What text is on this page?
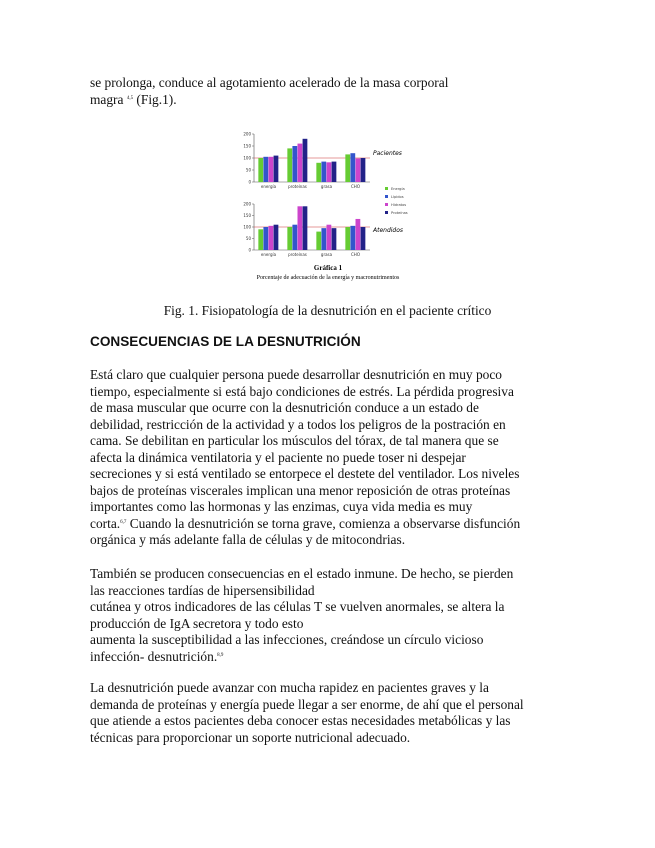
se prolonga, conduce al agotamiento acelerado de la masa corporal
magra $^{4,5}$ (Fig.1).
0
50
100
150
200
energía	proteínas	grasa	CHO
0
50
100
150
200
energía	proteínas	grasa	CHO
Pacientes
Atendidos
Energía
Lípidos
Hidratos
Proteínas
Gráfica 1
Porcentaje de adecuación de la energía y macronutrimentos

Fig. 1. Fisiopatología de la desnutrición en el paciente crítico

CONSECUENCIAS DE LA DESNUTRICIÓN
Está claro que cualquier persona puede desarrollar desnutrición en muy poco
tiempo, especialmente si está bajo condiciones de estrés. La pérdida progresiva
de masa muscular que ocurre con la desnutrición conduce a un estado de
debilidad, restricción de la actividad y a todos los peligros de la postración en
cama. Se debilitan en particular los músculos del tórax, de tal manera que se
afecta la dinámica ventilatoria y el paciente no puede toser ni despejar
secreciones y si está ventilado se entorpece el destete del ventilador. Los niveles
bajos de proteínas viscerales implican una menor reposición de otras proteínas
importantes como las hormonas y las enzimas, cuya vida media es muy
corta.$^{6,7}$ Cuando la desnutrición se torna grave, comienza a observarse disfunción
orgánica y más adelante falla de células y de mitocondrias.
También se producen consecuencias en el estado inmune. De hecho, se pierden
las reacciones tardías de hipersensibilidad
cutánea y otros indicadores de las células T se vuelven anormales, se altera la
producción de IgA secretora y todo esto
aumenta la susceptibilidad a las infecciones, creándose un círculo vicioso
infección- desnutrición.$^{8,9}$
La desnutrición puede avanzar con mucha rapidez en pacientes graves y la
demanda de proteínas y energía puede llegar a ser enorme, de ahí que el personal
que atiende a estos pacientes deba conocer estas necesidades metabólicas y las
técnicas para proporcionar un soporte nutricional adecuado.
